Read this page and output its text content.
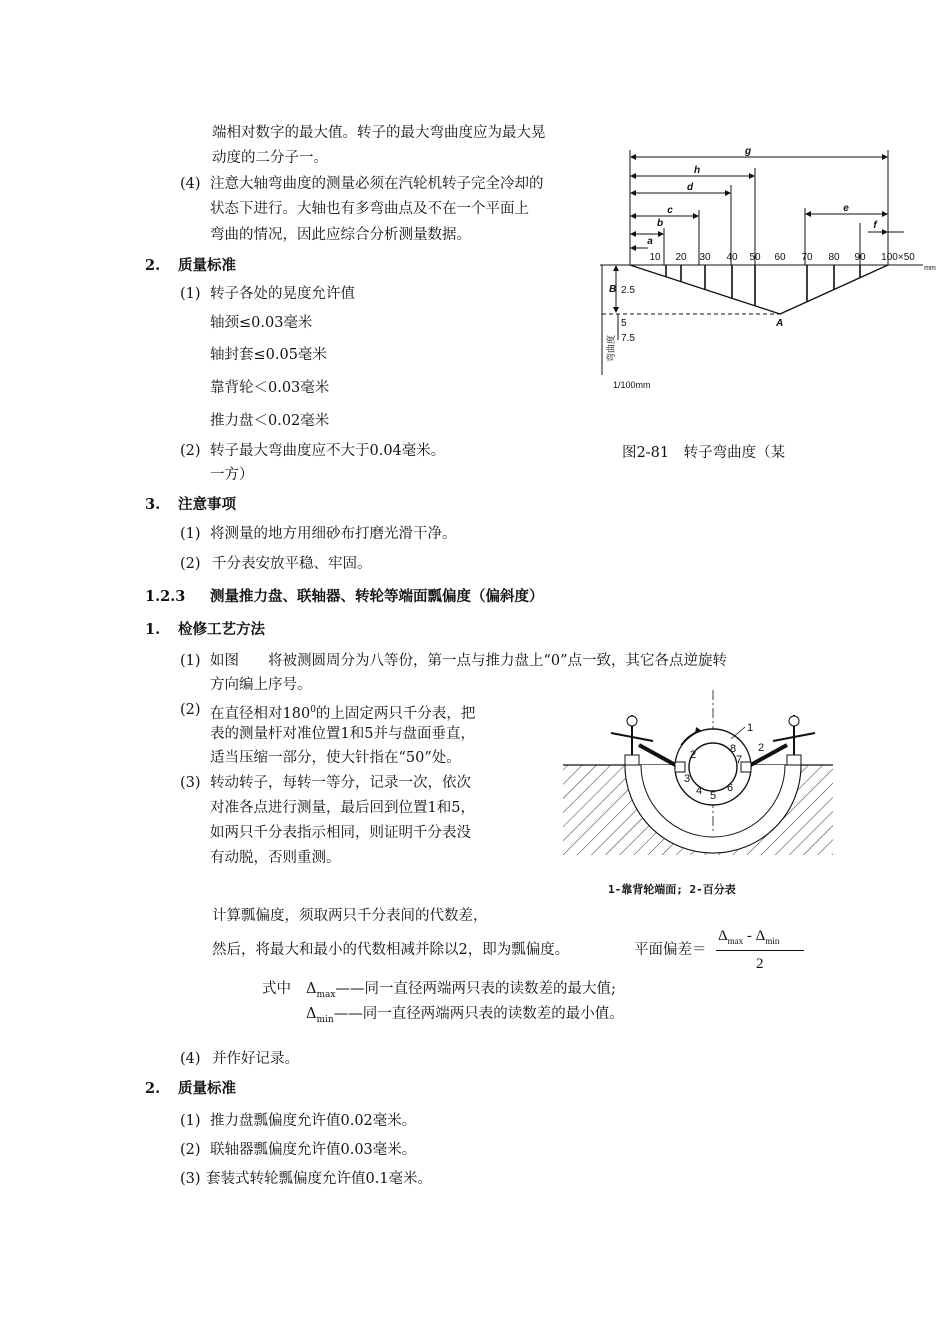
端相对数字的最大值。转子的最大弯曲度应为最大晃
动度的二分子一。
(4) 注意大轴弯曲度的测量必须在汽轮机转子完全冷却的
状态下进行。大轴也有多弯曲点及不在一个平面上
弯曲的情况，因此应综合分析测量数据。
2. 质量标准
(1) 转子各处的晃度允许值
轴颈≤0.03毫米
轴封套≤0.05毫米
靠背轮＜0.03毫米
推力盘＜0.02毫米
(2) 转子最大弯曲度应不大于0.04毫米。
一方）
g
h
d
c
b
a
e
f
10 20 30 40 50 60 70 80 90 100×50
mm
B
A
2.5
5
7.5
弯曲度
1/100mm
图2-81　转子弯曲度（某
3. 注意事项
(1) 将测量的地方用细砂布打磨光滑干净。
(2) 千分表安放平稳、牢固。
1.2.3 测量推力盘、联轴器、转轮等端面瓢偏度（偏斜度）
1. 检修工艺方法
(1) 如图　　将被测圆周分为八等份，第一点与推力盘上“0”点一致，其它各点逆旋转
方向编上序号。
(2) 在直径相对$180^0$的上固定两只千分表，把
表的测量杆对准位置1和5并与盘面垂直，
适当压缩一部分，使大针指在“50”处。
(3) 转动转子，每转一等分，记录一次，依次
对准各点进行测量，最后回到位置1和5，
如两只千分表指示相同，则证明千分表没
有动脱，否则重测。
1
2	8
7
2
3
4 5
6
1-靠背轮端面; 2-百分表
计算瓢偏度，须取两只千分表间的代数差，
然后，将最大和最小的代数相减并除以2，即为瓢偏度。	平面偏差＝
$\Delta_{max} - \Delta_{min}$
2
式中 $\Delta_{max}——$同一直径两端两只表的读数差的最大值;
$\Delta_{min}——$同一直径两端两只表的读数差的最小值。
(4) 并作好记录。
2. 质量标准
(1) 推力盘瓢偏度允许值0.02毫米。
(2) 联轴器瓢偏度允许值0.03毫米。
(3) 套装式转轮瓢偏度允许值0.1毫米。
